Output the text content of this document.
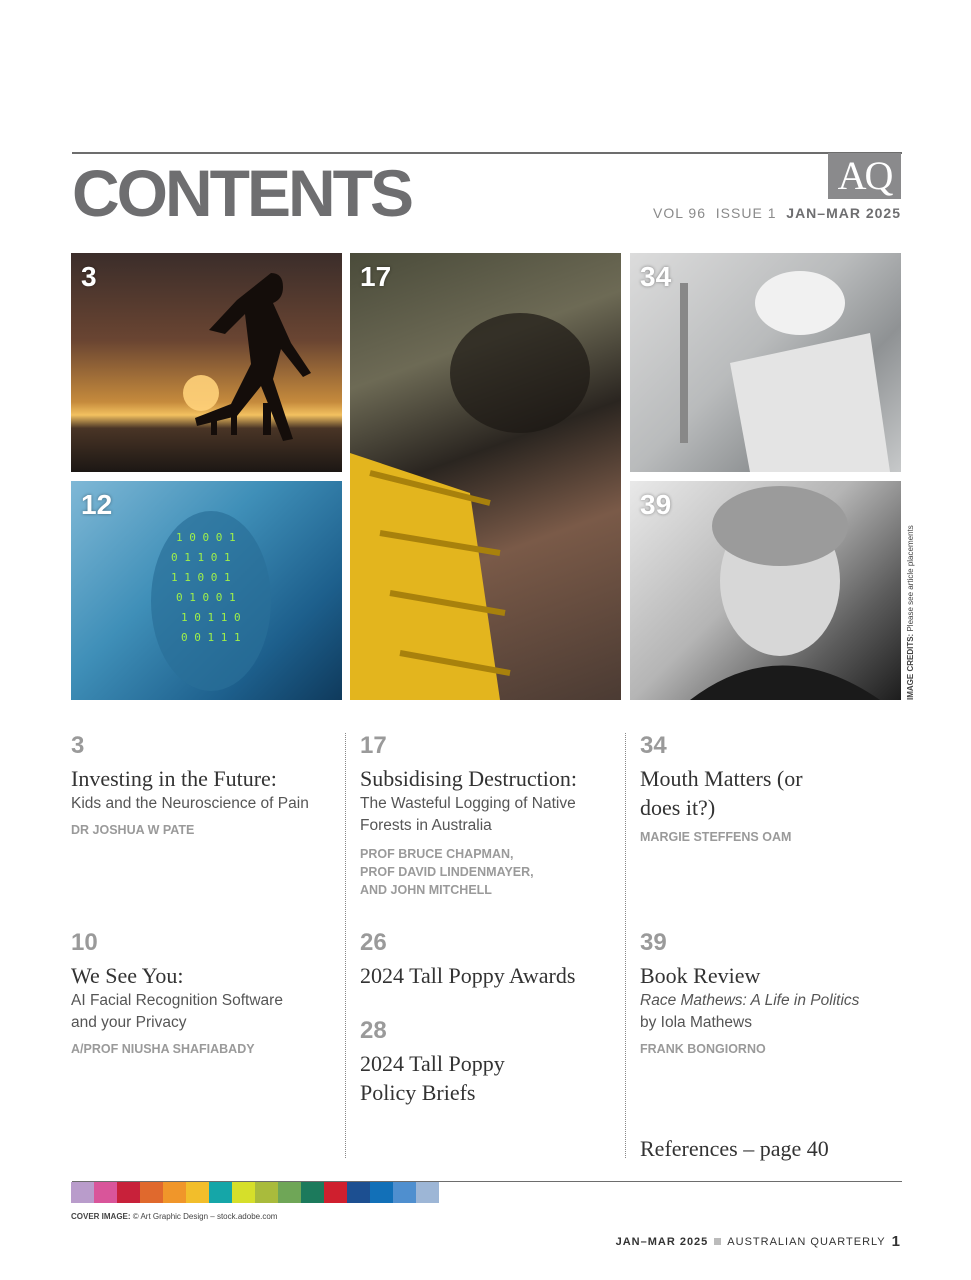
CONTENTS	AQ
VOL 96 ISSUE 1 JAN–MAR 2025
3	17	34
1 0 0 0 1
0 1 1 0 1
1 1 0 0 1
0 1 0 0 1
1 0 1 1 0
0 0 1 1 1
12	39
IMAGE CREDITS: Please see article placements
3
Investing in the Future:
Kids and the Neuroscience of Pain
DR JOSHUA W PATE
17
Subsidising Destruction:
The Wasteful Logging of Native Forests in Australia
PROF BRUCE CHAPMAN,
PROF DAVID LINDENMAYER,
AND JOHN MITCHELL
34
Mouth Matters (or does it?)
MARGIE STEFFENS OAM
10
We See You:
AI Facial Recognition Software and your Privacy
A/PROF NIUSHA SHAFIABADY
26
2024 Tall Poppy Awards
28
2024 Tall Poppy Policy Briefs
39
Book Review
Race Mathews: A Life in Politics
by Iola Mathews
FRANK BONGIORNO
References – page 40
COVER IMAGE: © Art Graphic Design – stock.adobe.com
JAN–MAR 2025 AUSTRALIAN QUARTERLY 1
